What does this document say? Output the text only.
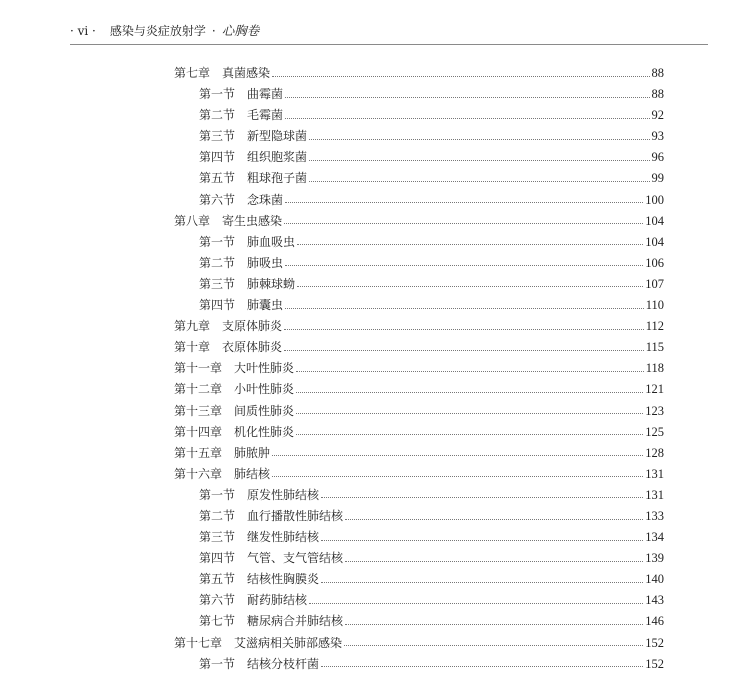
· vi · 感染与炎症放射学 · 心胸卷
第七章 真菌感染	88
第一节 曲霉菌	88
第二节 毛霉菌	92
第三节 新型隐球菌	93
第四节 组织胞浆菌	96
第五节 粗球孢子菌	99
第六节 念珠菌	100
第八章 寄生虫感染	104
第一节 肺血吸虫	104
第二节 肺吸虫	106
第三节 肺棘球蚴	107
第四节 肺囊虫	110
第九章 支原体肺炎	112
第十章 衣原体肺炎	115
第十一章 大叶性肺炎	118
第十二章 小叶性肺炎	121
第十三章 间质性肺炎	123
第十四章 机化性肺炎	125
第十五章 肺脓肿	128
第十六章 肺结核	131
第一节 原发性肺结核	131
第二节 血行播散性肺结核	133
第三节 继发性肺结核	134
第四节 气管、支气管结核	139
第五节 结核性胸膜炎	140
第六节 耐药肺结核	143
第七节 糖尿病合并肺结核	146
第十七章 艾滋病相关肺部感染	152
第一节 结核分枝杆菌	152
